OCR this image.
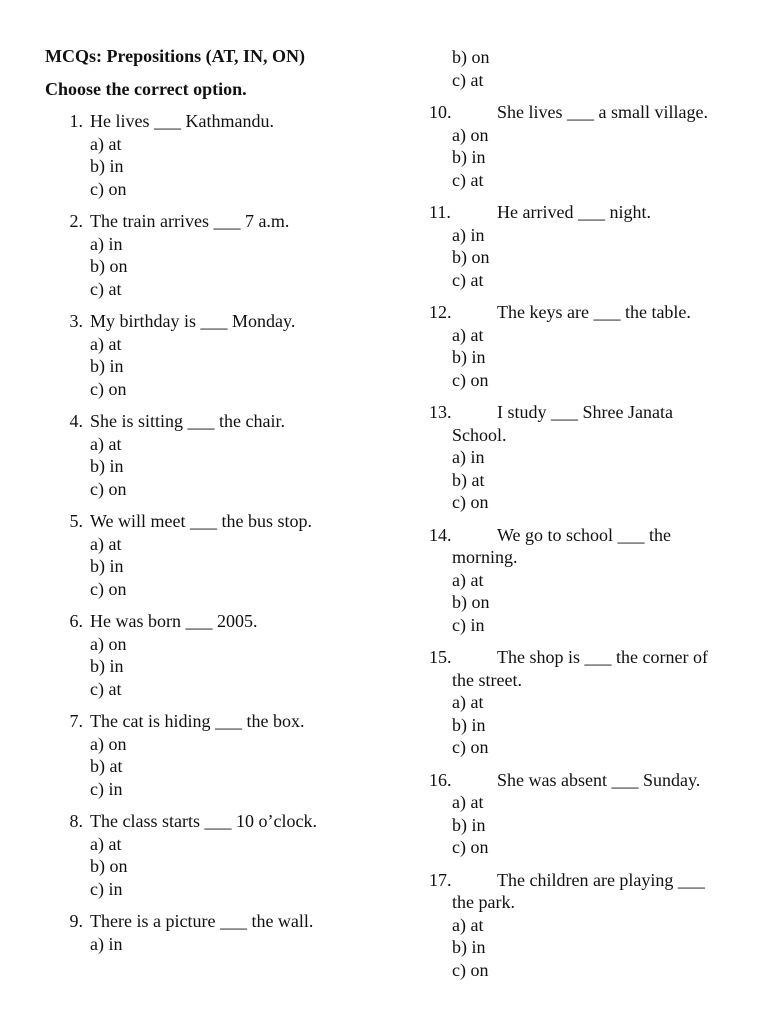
MCQs: Prepositions (AT, IN, ON)
Choose the correct option.
1. He lives ___ Kathmandu.
a) at
b) in
c) on
2. The train arrives ___ 7 a.m.
a) in
b) on
c) at
3. My birthday is ___ Monday.
a) at
b) in
c) on
4. She is sitting ___ the chair.
a) at
b) in
c) on
5. We will meet ___ the bus stop.
a) at
b) in
c) on
6. He was born ___ 2005.
a) on
b) in
c) at
7. The cat is hiding ___ the box.
a) on
b) at
c) in
8. The class starts ___ 10 o’clock.
a) at
b) on
c) in
9. There is a picture ___ the wall.
a) in
b) on
c) at
10.	She lives ___ a small village.
a) on
b) in
c) at
11.	He arrived ___ night.
a) in
b) on
c) at
12.	The keys are ___ the table.
a) at
b) in
c) on
13.	I study ___ Shree Janata School.
a) in
b) at
c) on
14.	We go to school ___ the morning.
a) at
b) on
c) in
15.	The shop is ___ the corner of the street.
a) at
b) in
c) on
16.	She was absent ___ Sunday.
a) at
b) in
c) on
17.	The children are playing ___ the park.
a) at
b) in
c) on
